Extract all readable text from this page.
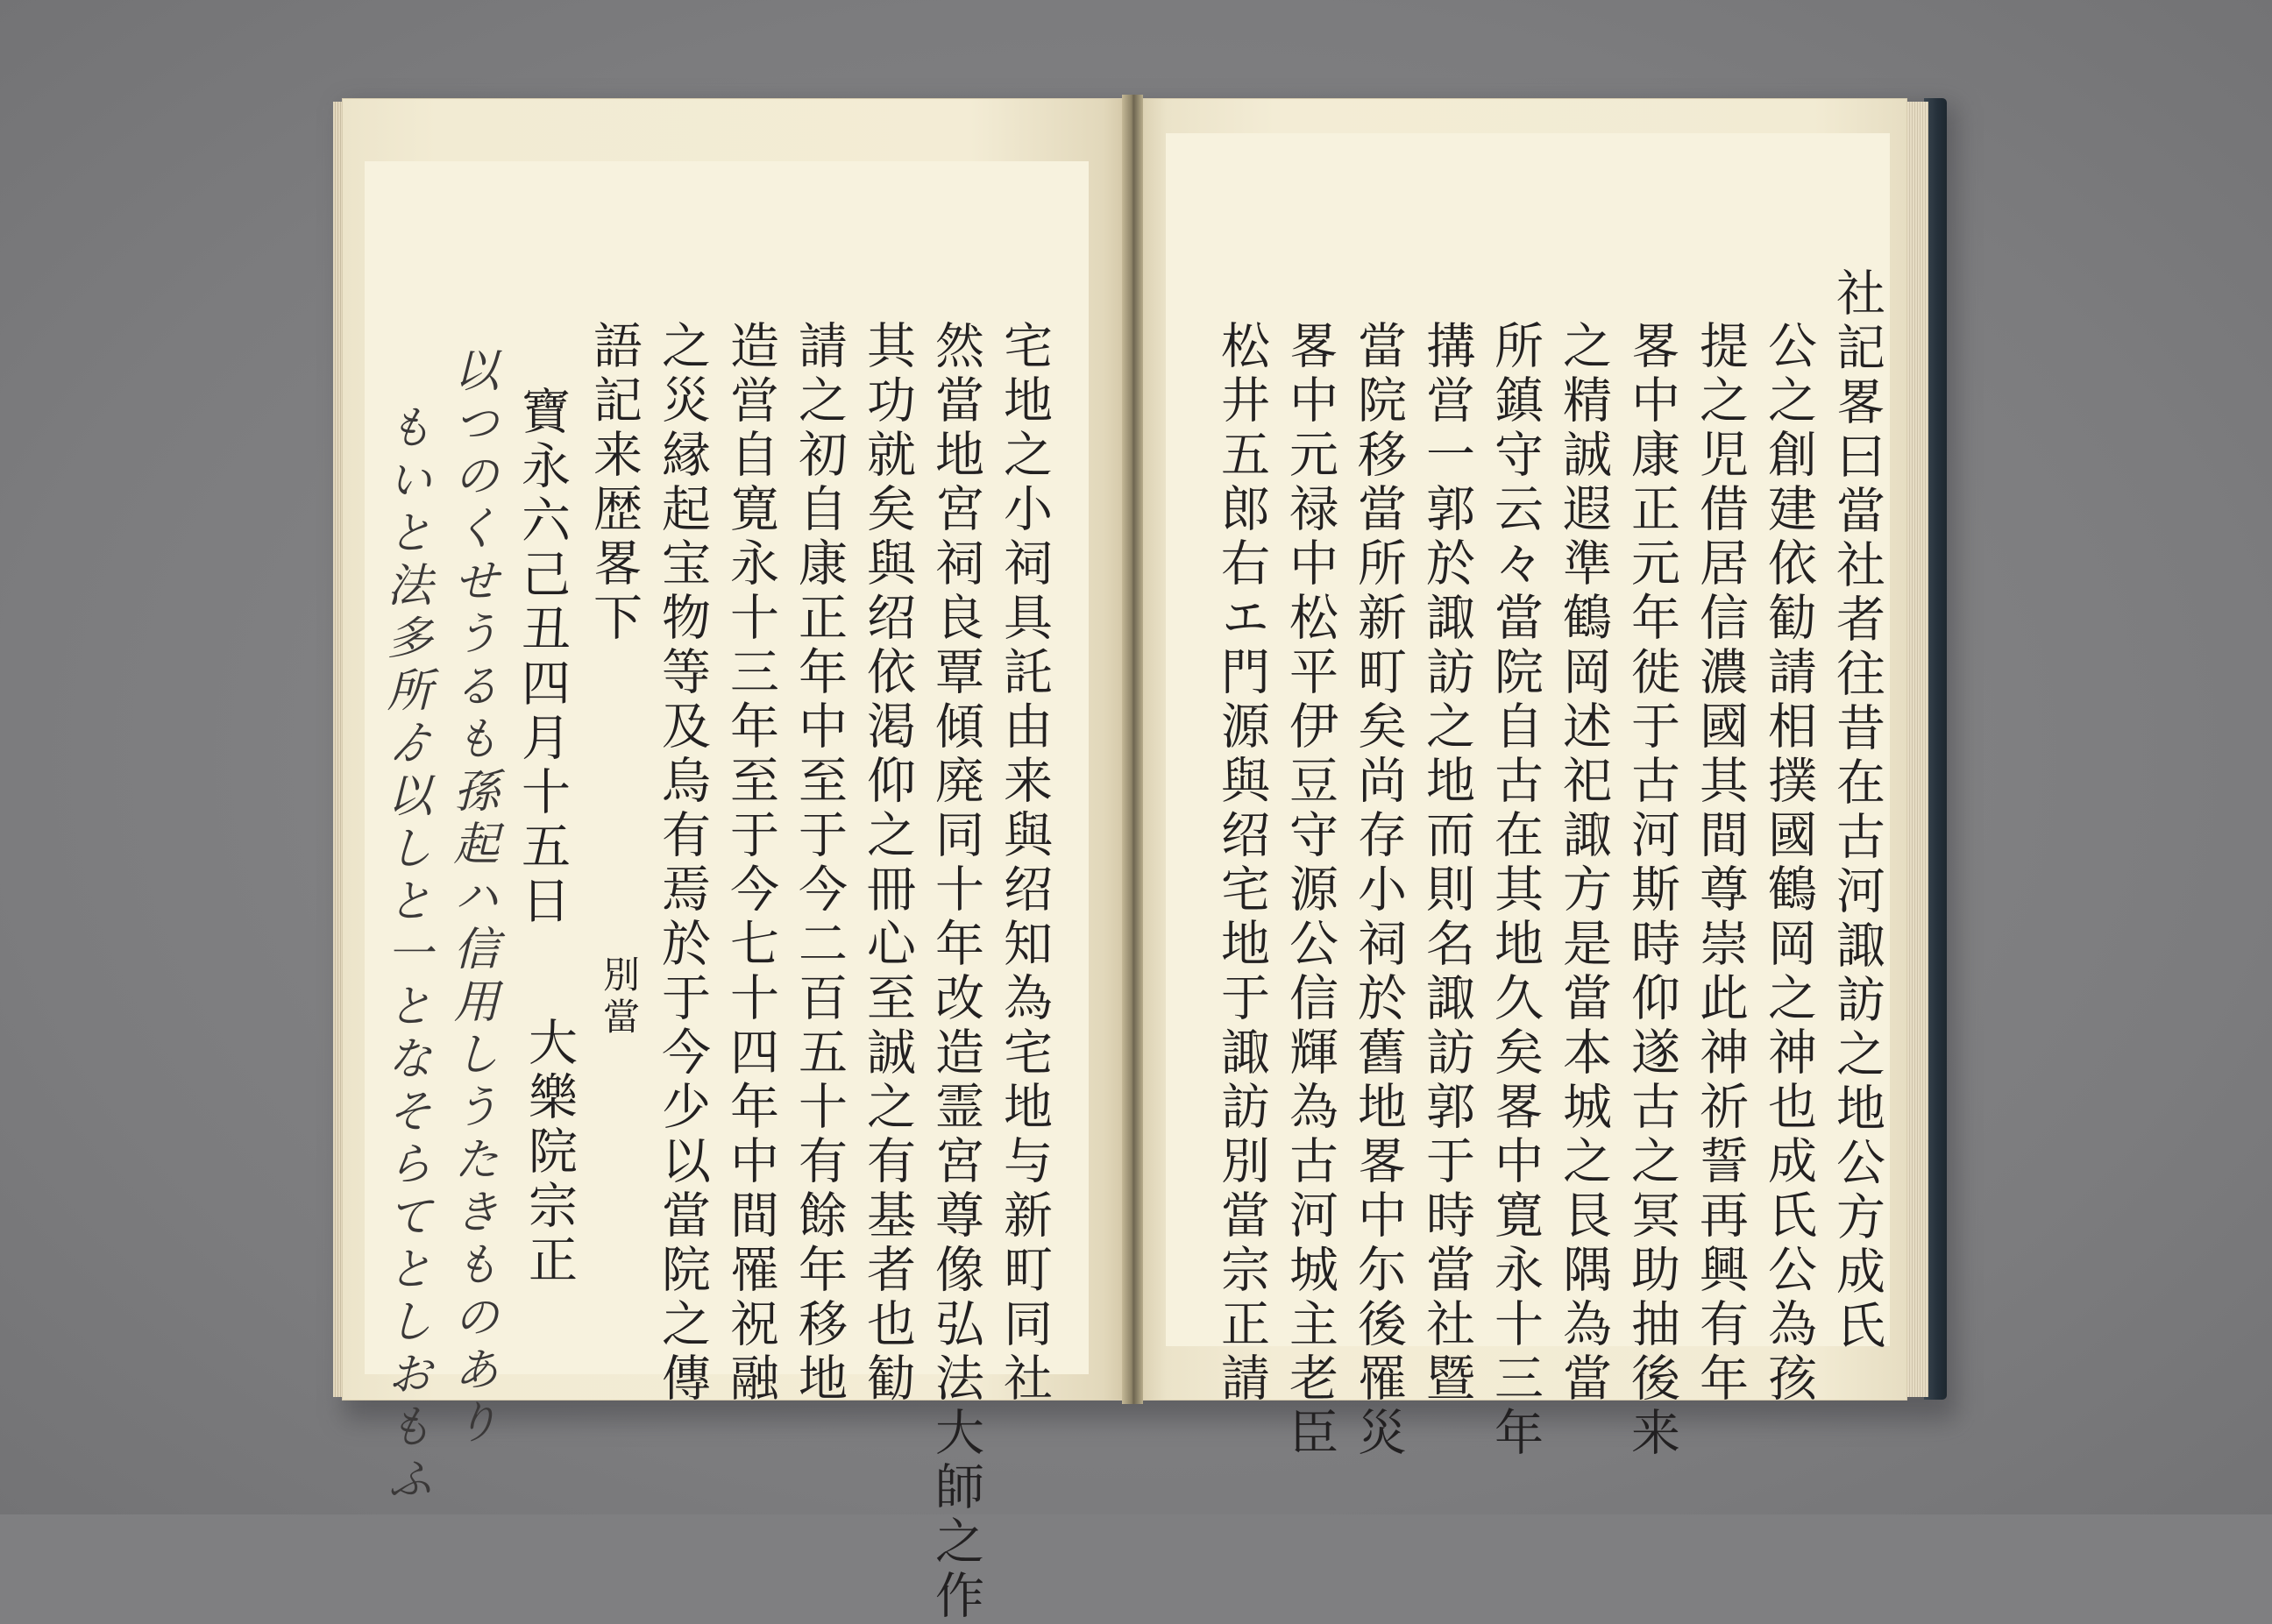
社記畧曰當社者往昔在古河諏訪之地公方成氏
公之創建依勧請相撲國鶴岡之神也成氏公為孩
提之児借居信濃國其間尊崇此神祈誓再興有年
畧中康正元年徙于古河斯時仰遂古之冥助抽後来
之精誠遐準鶴岡述祀諏方是當本城之艮隅為當
所鎮守云々當院自古在其地久矣畧中寛永十三年
搆営一郭於諏訪之地而則名諏訪郭于時當社暨
當院移當所新町矣尚存小祠於舊地畧中尓後罹災
畧中元禄中松平伊豆守源公信輝為古河城主老臣
松井五郎右エ門源與绍宅地于諏訪別當宗正請
宅地之小祠具託由来與绍知為宅地与新町同社
然當地宮祠良覃傾廃同十年改造霊宮尊像弘法大師之作
其功就矣與绍依渇仰之冊心至誠之有基者也勧
請之初自康正年中至于今二百五十有餘年移地
造営自寛永十三年至于今七十四年中間罹祝融
之災縁起宝物等及烏有焉於于今少以當院之傳
語記来歴畧下
寶永六己丑四月十五日
別當
大樂院宗正
以つのくせうるも孫起ハ信用しうたきものあり
もいと法多所ゟ以しと一となそらてとしおもふ
